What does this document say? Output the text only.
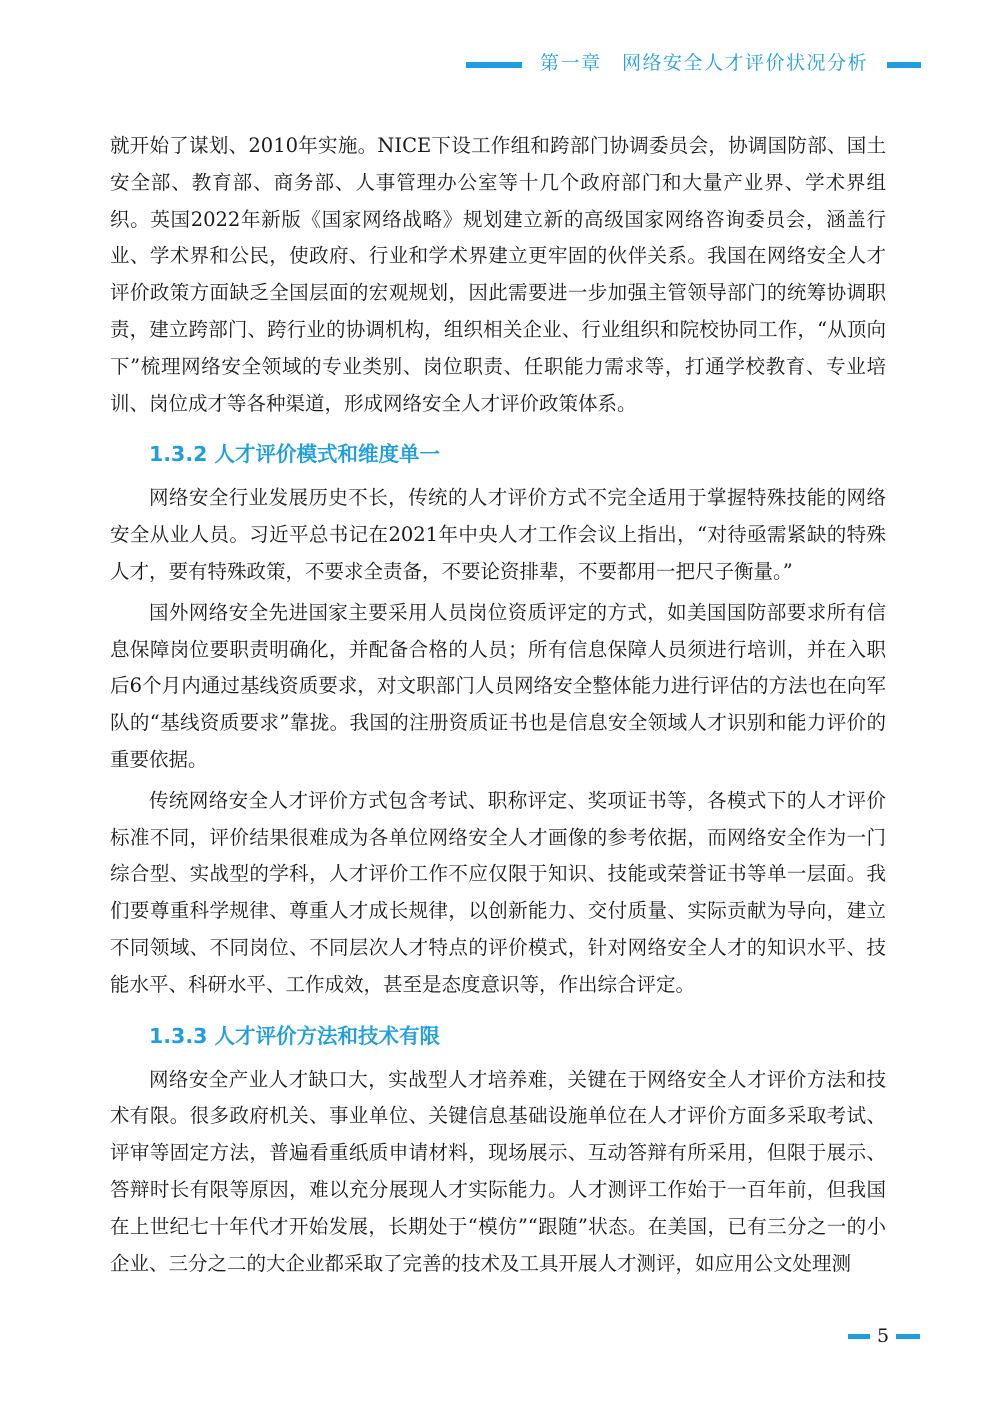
第一章　网络安全人才评价状况分析

就开始了谋划、2010年实施。NICE下设工作组和跨部门协调委员会，协调国防部、国土安全部、教育部、商务部、人事管理办公室等十几个政府部门和大量产业界、学术界组织。英国2022年新版《国家网络战略》规划建立新的高级国家网络咨询委员会，涵盖行业、学术界和公民，使政府、行业和学术界建立更牢固的伙伴关系。我国在网络安全人才评价政策方面缺乏全国层面的宏观规划，因此需要进一步加强主管领导部门的统筹协调职责，建立跨部门、跨行业的协调机构，组织相关企业、行业组织和院校协同工作，“从顶向下”梳理网络安全领域的专业类别、岗位职责、任职能力需求等，打通学校教育、专业培训、岗位成才等各种渠道，形成网络安全人才评价政策体系。

1.3.2 人才评价模式和维度单一

网络安全行业发展历史不长，传统的人才评价方式不完全适用于掌握特殊技能的网络安全从业人员。习近平总书记在2021年中央人才工作会议上指出，“对待亟需紧缺的特殊人才，要有特殊政策，不要求全责备，不要论资排辈，不要都用一把尺子衡量。”

国外网络安全先进国家主要采用人员岗位资质评定的方式，如美国国防部要求所有信息保障岗位要职责明确化，并配备合格的人员；所有信息保障人员须进行培训，并在入职后6个月内通过基线资质要求，对文职部门人员网络安全整体能力进行评估的方法也在向军队的“基线资质要求”靠拢。我国的注册资质证书也是信息安全领域人才识别和能力评价的重要依据。

传统网络安全人才评价方式包含考试、职称评定、奖项证书等，各模式下的人才评价标准不同，评价结果很难成为各单位网络安全人才画像的参考依据，而网络安全作为一门综合型、实战型的学科，人才评价工作不应仅限于知识、技能或荣誉证书等单一层面。我们要尊重科学规律、尊重人才成长规律，以创新能力、交付质量、实际贡献为导向，建立不同领域、不同岗位、不同层次人才特点的评价模式，针对网络安全人才的知识水平、技能水平、科研水平、工作成效，甚至是态度意识等，作出综合评定。

1.3.3 人才评价方法和技术有限

网络安全产业人才缺口大，实战型人才培养难，关键在于网络安全人才评价方法和技术有限。很多政府机关、事业单位、关键信息基础设施单位在人才评价方面多采取考试、评审等固定方法，普遍看重纸质申请材料，现场展示、互动答辩有所采用，但限于展示、答辩时长有限等原因，难以充分展现人才实际能力。人才测评工作始于一百年前，但我国在上世纪七十年代才开始发展，长期处于“模仿”“跟随”状态。在美国，已有三分之一的小企业、三分之二的大企业都采取了完善的技术及工具开展人才测评，如应用公文处理测

5
